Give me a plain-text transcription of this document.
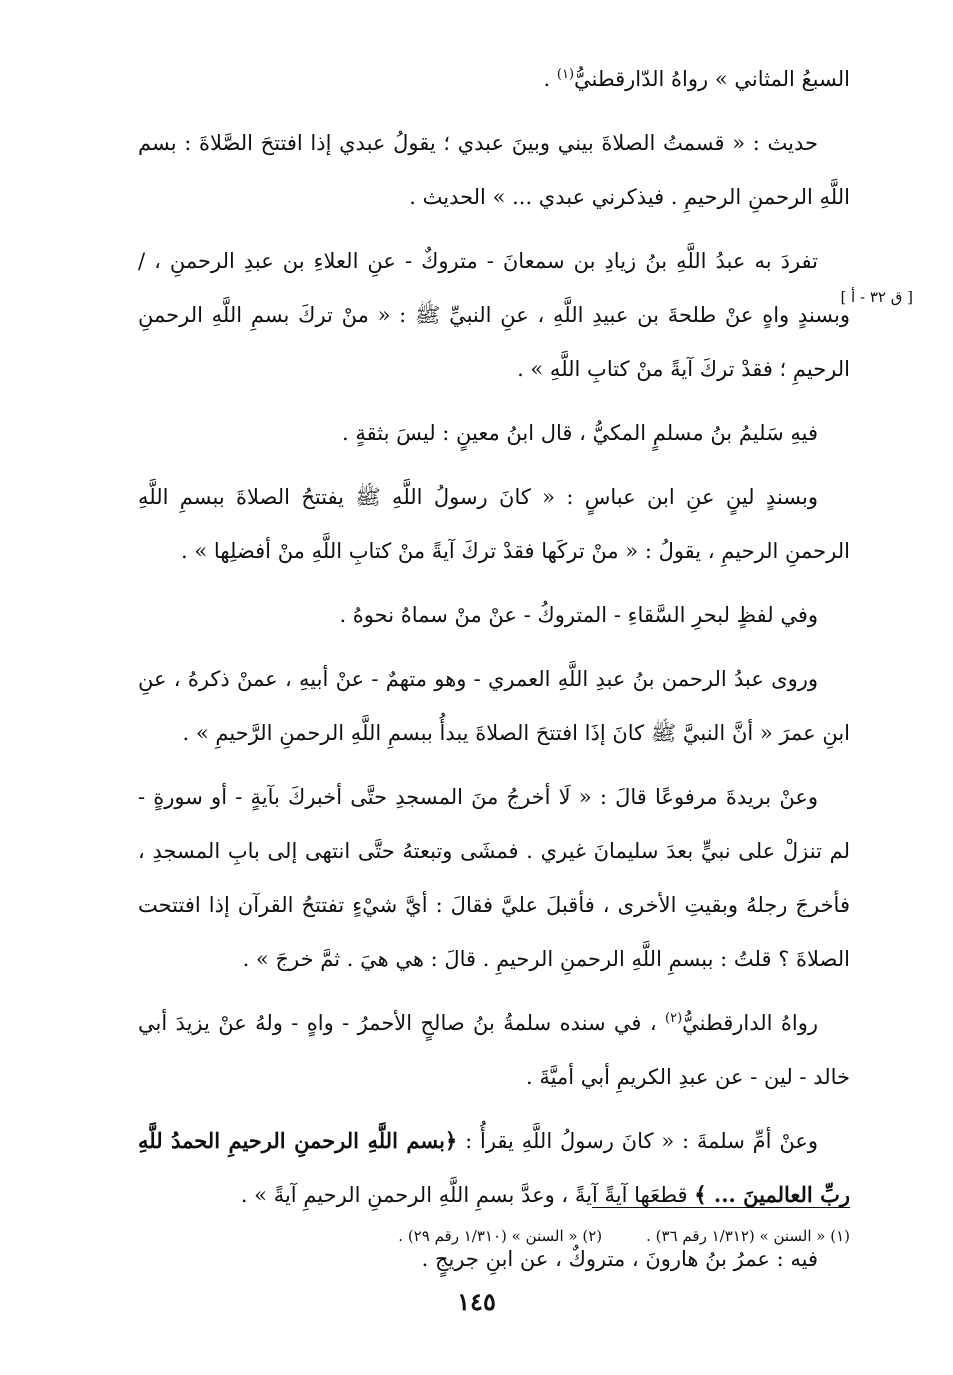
السبعُ المثاني » رواهُ الدّارقطنيُّ$^{(١)}$ .

حديث : « قسمتُ الصلاةَ بيني وبينَ عبدي ؛ يقولُ عبدي إذا افتتحَ الصَّلاةَ : بسم اللَّهِ الرحمنِ الرحيمِ . فيذكرني عبدي ... » الحديث .

تفردَ به عبدُ اللَّهِ بنُ زيادِ بن سمعانَ - متروكٌ - عنِ العلاءِ بن عبدِ الرحمنِ ، / وبسندٍ واهٍ عنْ طلحةَ بن عبيدِ اللَّهِ ، عنِ النبيِّ ﷺ : « منْ تركَ بسمِ اللَّهِ الرحمنِ الرحيمِ ؛ فقدْ تركَ آيةً منْ كتابِ اللَّهِ » .

فيهِ سَليمُ بنُ مسلمٍ المكيُّ ، قال ابنُ معينٍ : ليسَ بثقةٍ .

وبسندٍ لينٍ عنِ ابن عباسٍ : « كانَ رسولُ اللَّهِ ﷺ يفتتحُ الصلاةَ ببسمِ اللَّهِ الرحمنِ الرحيمِ ، يقولُ : « منْ تركَها فقدْ تركَ آيةً منْ كتابِ اللَّهِ منْ أفضلِها » .

وفي لفظٍ لبحرِ السَّقاءِ - المتروكُ - عنْ منْ سماهُ نحوهُ .

وروى عبدُ الرحمن بنُ عبدِ اللَّهِ العمري - وهو متهمٌ - عنْ أبيهِ ، عمنْ ذكرهُ ، عنِ ابنِ عمرَ « أنَّ النبيَّ ﷺ كانَ إذَا افتتحَ الصلاةَ يبدأُ ببسمِ اللَّهِ الرحمنِ الرَّحيمِ » .

وعنْ بريدةَ مرفوعًا قالَ : « لَا أخرجُ منَ المسجدِ حتَّى أخبركَ بآيةٍ - أو سورةٍ - لم تنزلْ على نبيٍّ بعدَ سليمانَ غيري . فمشَى وتبعتهُ حتَّى انتهى إلى بابِ المسجدِ ، فأخرجَ رجلهُ وبقيتِ الأخرى ، فأقبلَ عليَّ فقالَ : أيَّ شيْءٍ تفتتحُ القرآن إذا افتتحت الصلاةَ ؟ قلتُ : ببسمِ اللَّهِ الرحمنِ الرحيمِ . قالَ : هي هيَ . ثمَّ خرجَ » .

رواهُ الدارقطنيُّ$^{(٢)}$ ، في سنده سلمةُ بنُ صالحٍ الأحمرُ - واهٍ - ولهُ عنْ يزيدَ أبي خالد - لين - عن عبدِ الكريمِ أبي أميَّةَ .

وعنْ أمِّ سلمةَ : « كانَ رسولُ اللَّهِ يقرأُ : ﴿بسم اللَّهِ الرحمنِ الرحيمِ الحمدُ للَّهِ ربِّ العالمينَ ... ﴾ قطعَها آيةً آيةً ، وعدَّ بسمِ اللَّهِ الرحمنِ الرحيمِ آيةً » .

فيه : عمرُ بنُ هارونَ ، متروكٌ ، عن ابنِ جريجٍ .

[ ق ٣٢ - أ ]
(١) « السنن » (١/٣١٢ رقم ٣٦) .
(٢) « السنن » (١/٣١٠ رقم ٢٩) .
١٤٥
